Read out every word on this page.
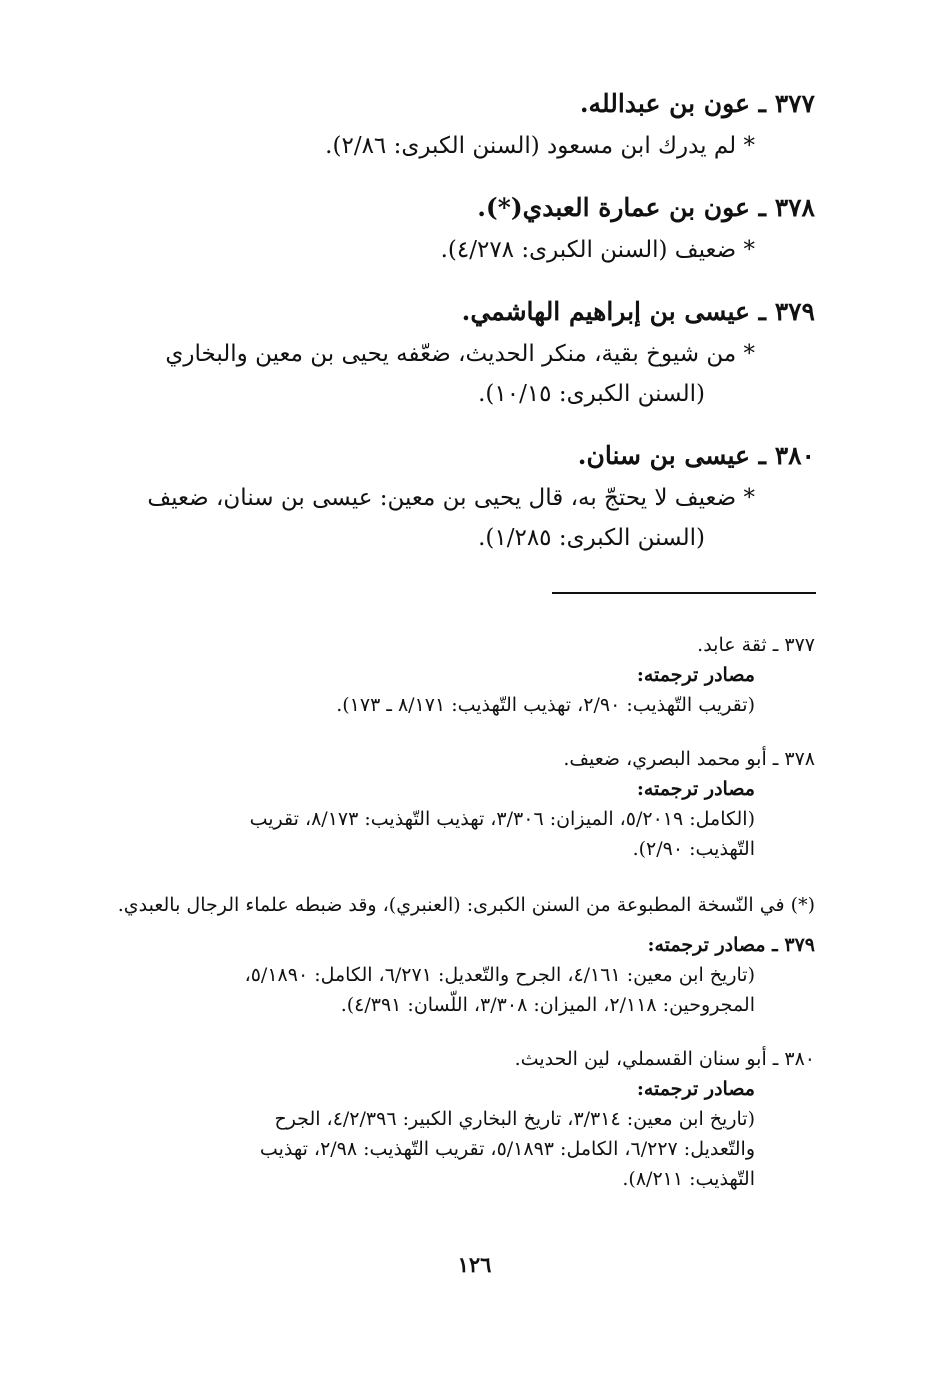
٣٧٧ ـ عون بن عبدالله.
* لم يدرك ابن مسعود (السنن الكبرى: ٢/٨٦).
٣٧٨ ـ عون بن عمارة العبدي(*).
* ضعيف (السنن الكبرى: ٤/٢٧٨).
٣٧٩ ـ عيسى بن إبراهيم الهاشمي.
* من شيوخ بقية، منكر الحديث، ضعّفه يحيى بن معين والبخاري
(السنن الكبرى: ١٠/١٥).
٣٨٠ ـ عيسى بن سنان.
* ضعيف لا يحتجّ به، قال يحيى بن معين: عيسى بن سنان، ضعيف
(السنن الكبرى: ١/٢٨٥).
٣٧٧ ـ ثقة عابد.
مصادر ترجمته:
(تقريب التّهذيب: ٢/٩٠، تهذيب التّهذيب: ٨/١٧١ ـ ١٧٣).
٣٧٨ ـ أبو محمد البصري، ضعيف.
مصادر ترجمته:
(الكامل: ٥/٢٠١٩، الميزان: ٣/٣٠٦، تهذيب التّهذيب: ٨/١٧٣، تقريب
التّهذيب: ٢/٩٠).
(*) في النّسخة المطبوعة من السنن الكبرى: (العنبري)، وقد ضبطه علماء الرجال بالعبدي.
٣٧٩ ـ مصادر ترجمته:
(تاريخ ابن معين: ٤/١٦١، الجرح والتّعديل: ٦/٢٧١، الكامل: ٥/١٨٩٠،
المجروحين: ٢/١١٨، الميزان: ٣/٣٠٨، اللّسان: ٤/٣٩١).
٣٨٠ ـ أبو سنان القسملي، لين الحديث.
مصادر ترجمته:
(تاريخ ابن معين: ٣/٣١٤، تاريخ البخاري الكبير: ٤/٢/٣٩٦، الجرح
والتّعديل: ٦/٢٢٧، الكامل: ٥/١٨٩٣، تقريب التّهذيب: ٢/٩٨، تهذيب
التّهذيب: ٨/٢١١).
١٢٦
